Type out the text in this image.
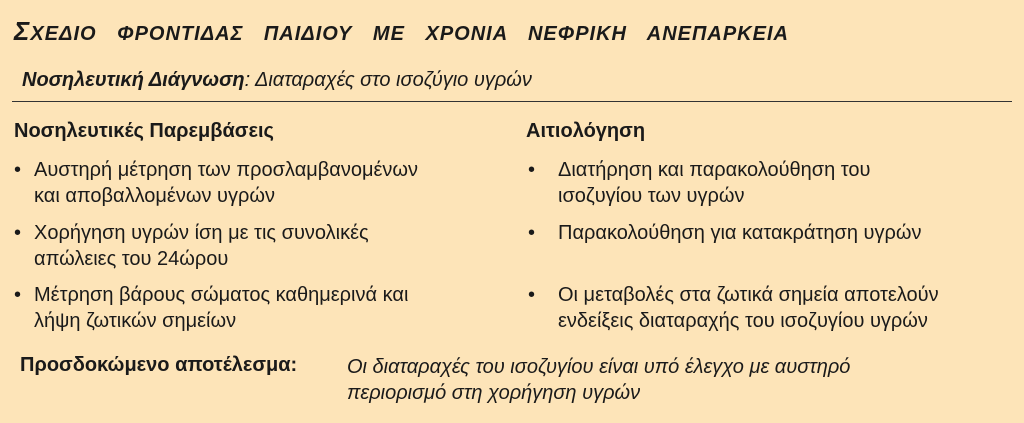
ΣΧΕΔΙΟ ΦΡΟΝΤΙΔΑΣ ΠΑΙΔΙΟΥ ΜΕ ΧΡΟΝΙΑ ΝΕΦΡΙΚΗ ΑΝΕΠΑΡΚΕΙΑ
Νοσηλευτική Διάγνωση: Διαταραχές στο ισοζύγιο υγρών
Νοσηλευτικές Παρεμβάσεις	Αιτιολόγηση
• Αυστηρή μέτρηση των προσλαμβανομένων
και αποβαλλομένων υγρών
• Χορήγηση υγρών ίση με τις συνολικές
απώλειες του 24ώρου
• Μέτρηση βάρους σώματος καθημερινά και
λήψη ζωτικών σημείων
• Διατήρηση και παρακολούθηση του
ισοζυγίου των υγρών
• Παρακολούθηση για κατακράτηση υγρών
• Οι μεταβολές στα ζωτικά σημεία αποτελούν
ενδείξεις διαταραχής του ισοζυγίου υγρών
Προσδοκώμενο αποτέλεσμα: Οι διαταραχές του ισοζυγίου είναι υπό έλεγχο με αυστηρό
περιορισμό στη χορήγηση υγρών
